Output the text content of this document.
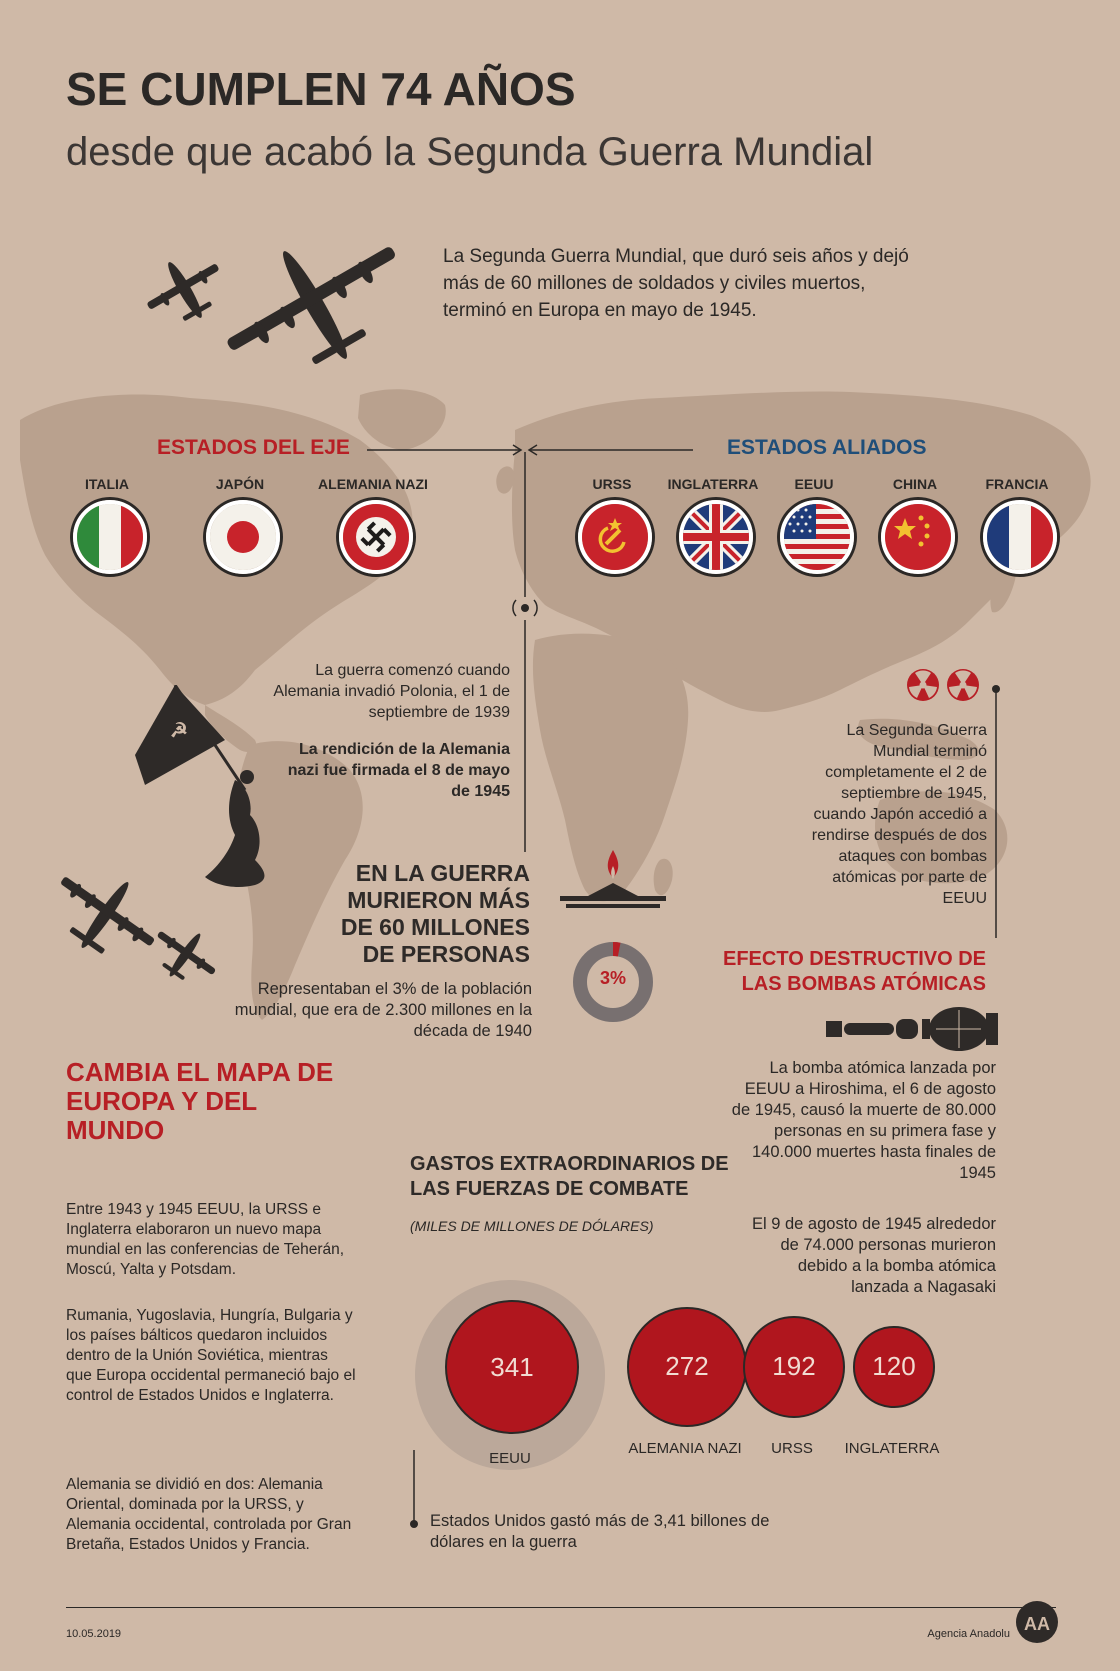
SE CUMPLEN 74 AÑOS
desde que acabó la Segunda Guerra Mundial
La Segunda Guerra Mundial, que duró seis años y dejó más de 60 millones de soldados y civiles muertos, terminó en Europa en mayo de 1945.
ESTADOS DEL EJE	ESTADOS ALIADOS
ITALIA	JAPÓN	ALEMANIA NAZI	URSS	INGLATERRA	EEUU	CHINA	FRANCIA
La guerra comenzó cuando Alemania invadió Polonia, el 1 de septiembre de 1939
La rendición de la Alemania nazi fue firmada el 8 de mayo de 1945
☭	La Segunda Guerra Mundial terminó completamente el 2 de septiembre de 1945, cuando Japón accedió a rendirse después de dos ataques con bombas atómicas por parte de EEUU
EN LA GUERRA MURIERON MÁS DE 60 MILLONES DE PERSONAS
Representaban el 3% de la población mundial, que era de 2.300 millones en la década de 1940
3%
EFECTO DESTRUCTIVO DE LAS BOMBAS ATÓMICAS
La bomba atómica lanzada por EEUU a Hiroshima, el 6 de agosto de 1945, causó la muerte de 80.000 personas en su primera fase y 140.000 muertes hasta finales de 1945
El 9 de agosto de 1945 alrededor de 74.000 personas murieron debido a la bomba atómica lanzada a Nagasaki
CAMBIA EL MAPA DE EUROPA Y DEL MUNDO
Entre 1943 y 1945 EEUU, la URSS e Inglaterra elaboraron un nuevo mapa mundial en las conferencias de Teherán, Moscú, Yalta y Potsdam.
Rumania, Yugoslavia, Hungría, Bulgaria y los países bálticos quedaron incluidos dentro de la Unión Soviética, mientras que Europa occidental permaneció bajo el control de Estados Unidos e Inglaterra.
Alemania se dividió en dos: Alemania Oriental, dominada por la URSS, y Alemania occidental, controlada por Gran Bretaña, Estados Unidos y Francia.
GASTOS EXTRAORDINARIOS DE LAS FUERZAS DE COMBATE
(MILES DE MILLONES DE DÓLARES)
341
EEUU
272
ALEMANIA NAZI
192
URSS
120
INGLATERRA
Estados Unidos gastó más de 3,41 billones de dólares en la guerra
10.05.2019	Agencia Anadolu AA
